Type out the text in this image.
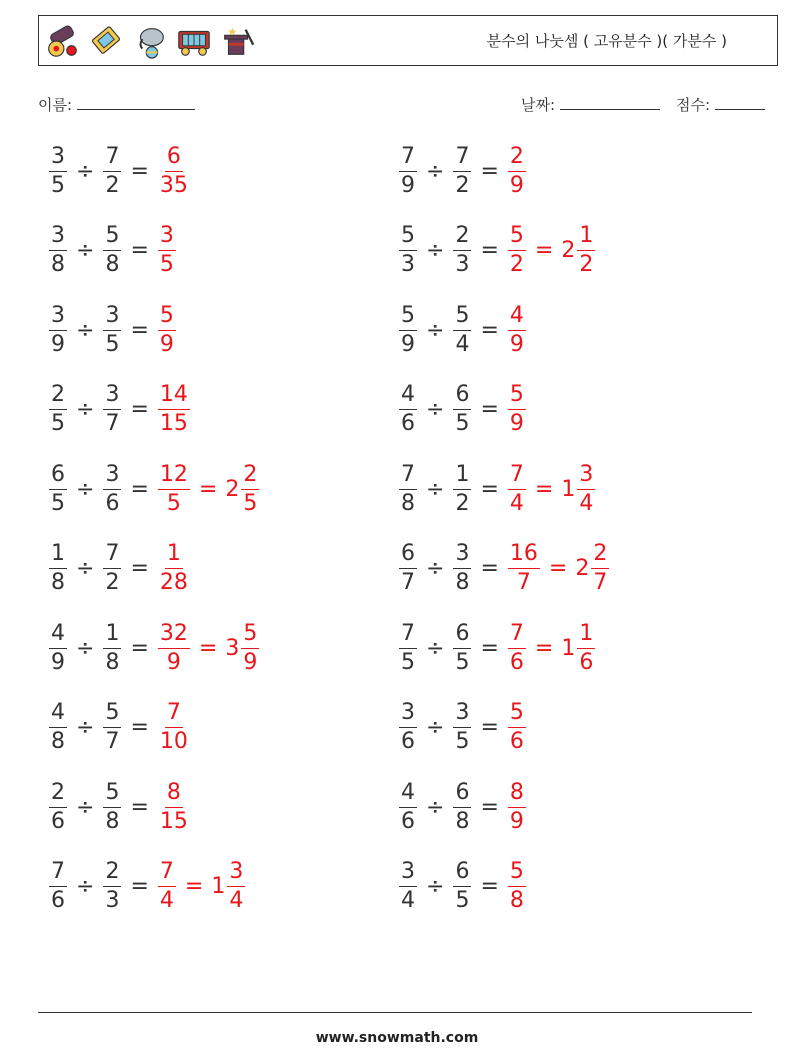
분수의 나눗셈 ( 고유분수 )( 가분수 )
이름:	날짜:	점수:
$\frac{3}{5} \div \frac{7}{2} = \frac{6}{35}$
$\frac{3}{8} \div \frac{5}{8} = \frac{3}{5}$
$\frac{3}{9} \div \frac{3}{5} = \frac{5}{9}$
$\frac{2}{5} \div \frac{3}{7} = \frac{14}{15}$
$\frac{6}{5} \div \frac{3}{6} = \frac{12}{5} = 2 \frac{2}{5}$
$\frac{1}{8} \div \frac{7}{2} = \frac{1}{28}$
$\frac{4}{9} \div \frac{1}{8} = \frac{32}{9} = 3 \frac{5}{9}$
$\frac{4}{8} \div \frac{5}{7} = \frac{7}{10}$
$\frac{2}{6} \div \frac{5}{8} = \frac{8}{15}$
$\frac{7}{6} \div \frac{2}{3} = \frac{7}{4} = 1 \frac{3}{4}$
$\frac{7}{9} \div \frac{7}{2} = \frac{2}{9}$
$\frac{5}{3} \div \frac{2}{3} = \frac{5}{2} = 2 \frac{1}{2}$
$\frac{5}{9} \div \frac{5}{4} = \frac{4}{9}$
$\frac{4}{6} \div \frac{6}{5} = \frac{5}{9}$
$\frac{7}{8} \div \frac{1}{2} = \frac{7}{4} = 1 \frac{3}{4}$
$\frac{6}{7} \div \frac{3}{8} = \frac{16}{7} = 2 \frac{2}{7}$
$\frac{7}{5} \div \frac{6}{5} = \frac{7}{6} = 1 \frac{1}{6}$
$\frac{3}{6} \div \frac{3}{5} = \frac{5}{6}$
$\frac{4}{6} \div \frac{6}{8} = \frac{8}{9}$
$\frac{3}{4} \div \frac{6}{5} = \frac{5}{8}$
www.snowmath.com
